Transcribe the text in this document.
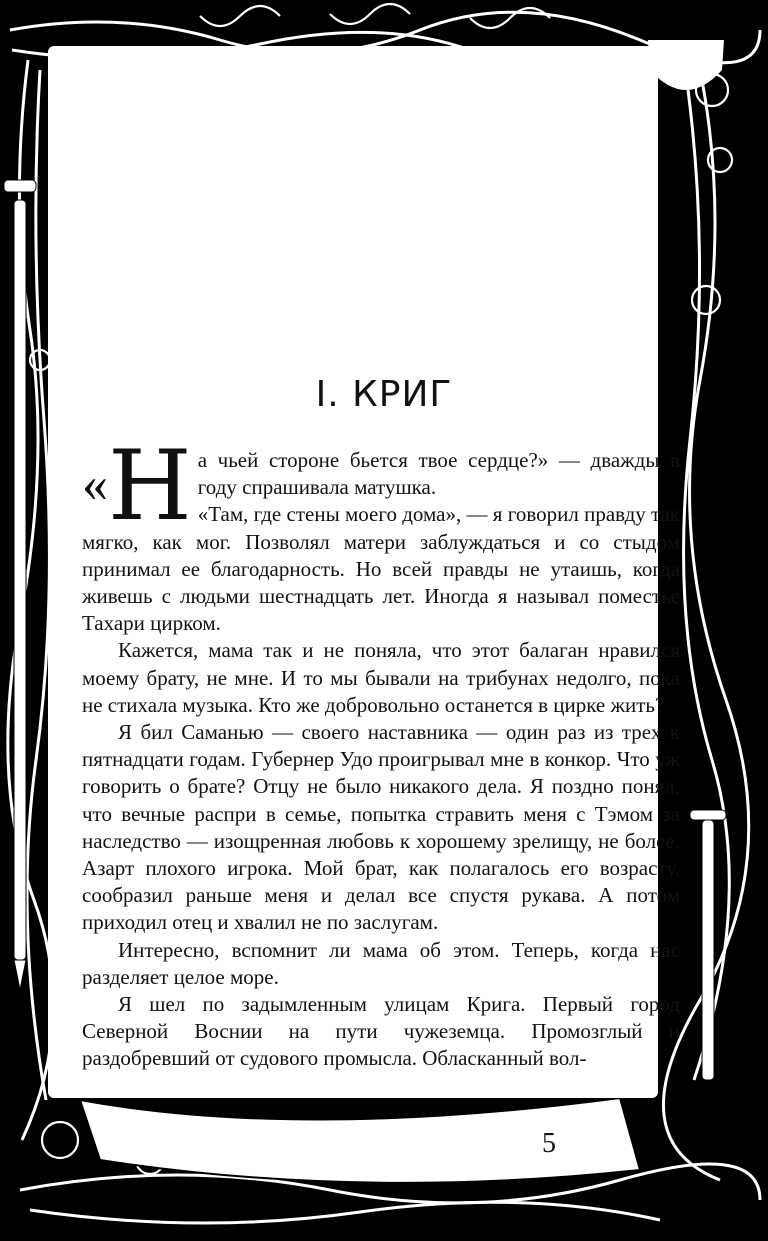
I. КРИГ
« Н а чьей стороне бьется твое сердце?» — дважды в году спрашивала матушка.

«Там, где стены моего дома», — я говорил правду так мягко, как мог. Позволял матери заблуждаться и со стыдом принимал ее благодарность. Но всей правды не утаишь, когда живешь с людьми шестнадцать лет. Иногда я называл поместье Тахари цирком.

Кажется, мама так и не поняла, что этот балаган нравился моему брату, не мне. И то мы бывали на трибунах недолго, пока не стихала музыка. Кто же добровольно останется в цирке жить?

Я бил Саманью — своего наставника — один раз из трех к пятнадцати годам. Губернер Удо проигрывал мне в конкор. Что уж говорить о брате? Отцу не было никакого дела. Я поздно понял, что вечные распри в семье, попытка стравить меня с Тэмом за наследство — изощренная любовь к хорошему зрелищу, не более. Азарт плохого игрока. Мой брат, как полагалось его возрасту, сообразил раньше меня и делал все спустя рукава. А потом приходил отец и хвалил не по заслугам.

Интересно, вспомнит ли мама об этом. Теперь, когда нас разделяет целое море.

Я шел по задымленным улицам Крига. Первый город Северной Воснии на пути чужеземца. Промозглый и раздобревший от судового промысла. Обласканный вол-

5
